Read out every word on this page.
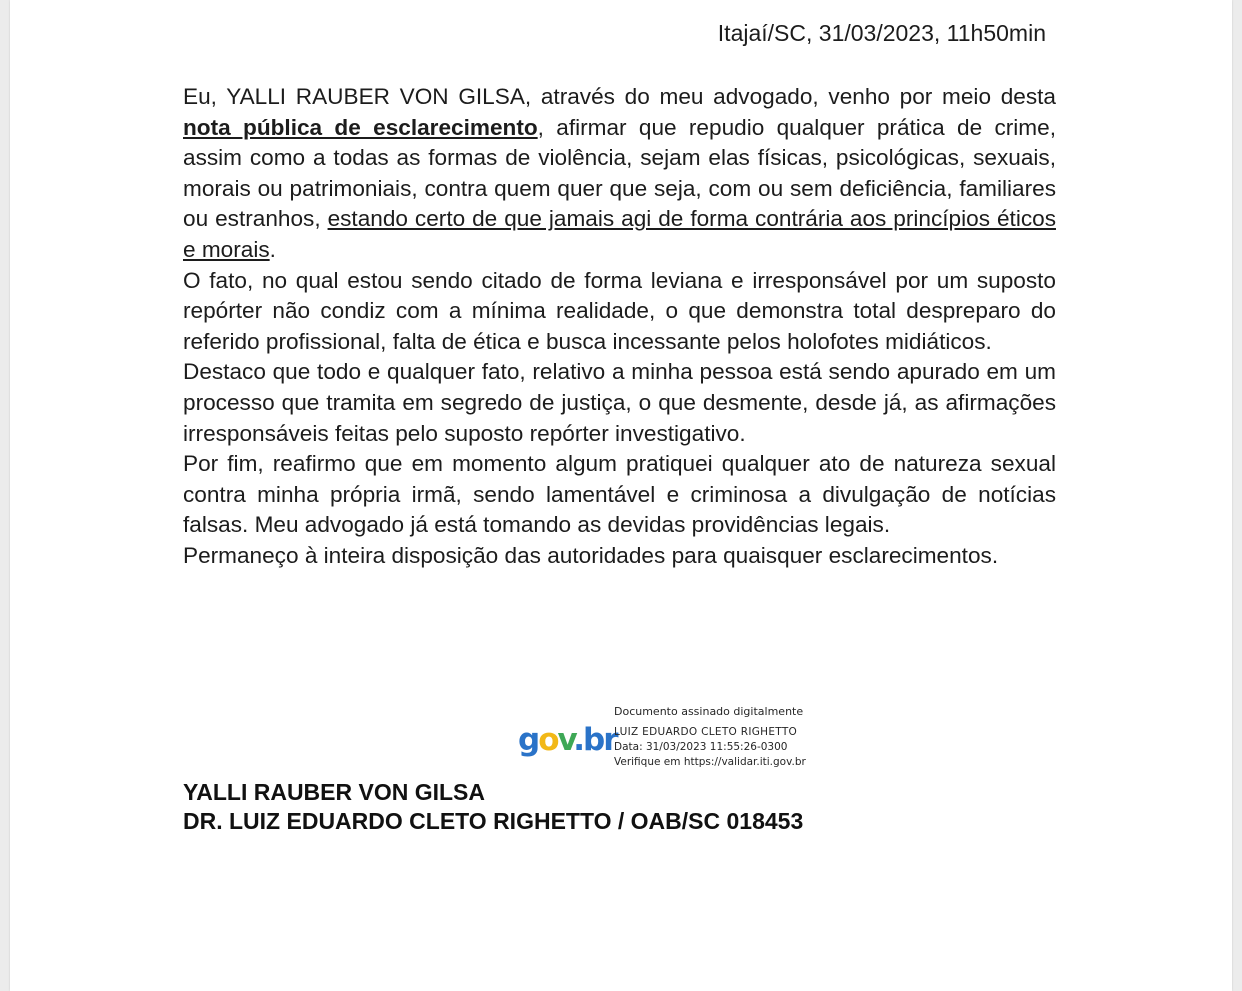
Itajaí/SC, 31/03/2023, 11h50min

Eu, YALLI RAUBER VON GILSA, através do meu advogado, venho por meio desta nota pública de esclarecimento, afirmar que repudio qualquer prática de crime, assim como a todas as formas de violência, sejam elas físicas, psicológicas, sexuais, morais ou patrimoniais, contra quem quer que seja, com ou sem deficiência, familiares ou estranhos, estando certo de que jamais agi de forma contrária aos princípios éticos e morais.

O fato, no qual estou sendo citado de forma leviana e irresponsável por um suposto repórter não condiz com a mínima realidade, o que demonstra total despreparo do referido profissional, falta de ética e busca incessante pelos holofotes midiáticos.

Destaco que todo e qualquer fato, relativo a minha pessoa está sendo apurado em um processo que tramita em segredo de justiça, o que desmente, desde já, as afirmações irresponsáveis feitas pelo suposto repórter investigativo.

Por fim, reafirmo que em momento algum pratiquei qualquer ato de natureza sexual contra minha própria irmã, sendo lamentável e criminosa a divulgação de notícias falsas. Meu advogado já está tomando as devidas providências legais.

Permaneço à inteira disposição das autoridades para quaisquer esclarecimentos.

gov.br
Documento assinado digitalmente
LUIZ EDUARDO CLETO RIGHETTO
Data: 31/03/2023 11:55:26-0300
Verifique em https://validar.iti.gov.br
YALLI RAUBER VON GILSA
DR. LUIZ EDUARDO CLETO RIGHETTO / OAB/SC 018453
